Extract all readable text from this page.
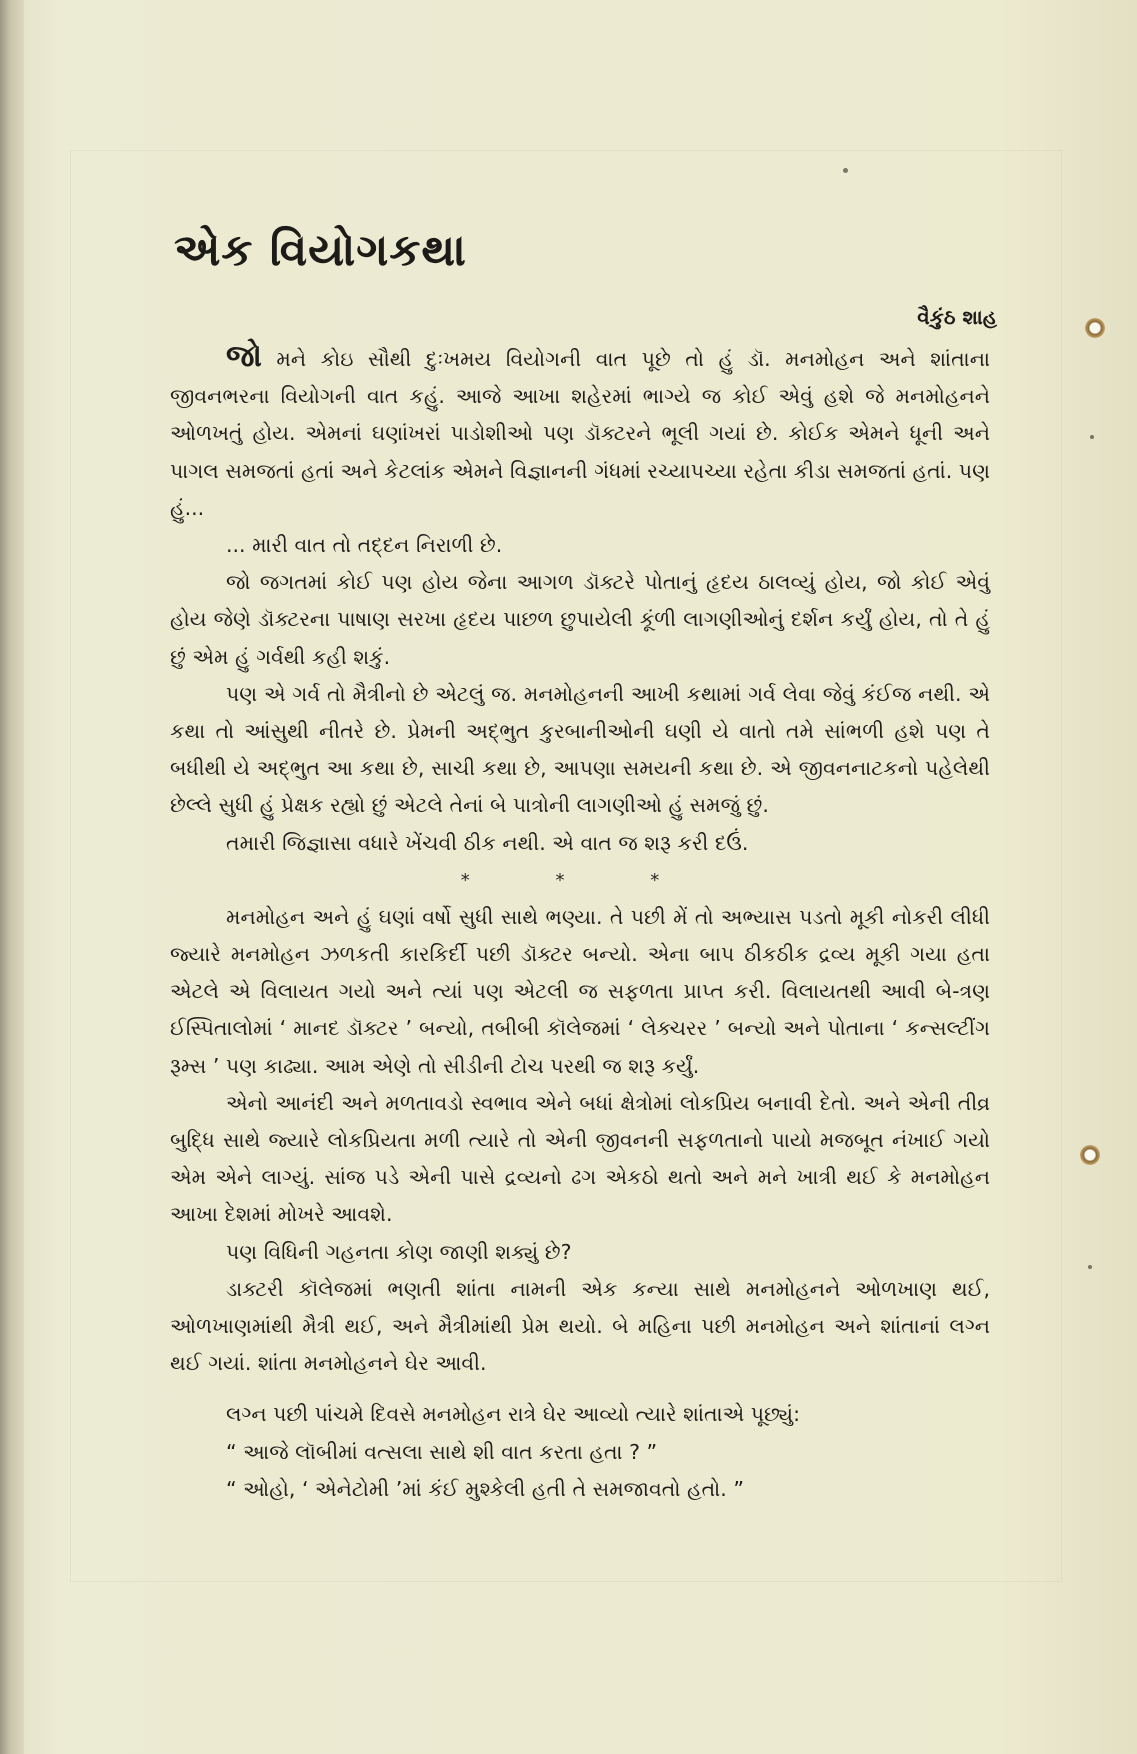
એક વિયોગકથા
વૈકુંઠ શાહ

જો મને કોઇ સૌથી દુઃખમય વિયોગની વાત પૂછે તો હું ડૉ. મનમોહન અને શાંતાના જીવનભરના વિયોગની વાત કહું. આજે આખા શહેરમાં ભાગ્યે જ કોઈ એવું હશે જે મનમોહનને ઓળખતું હોય. એમનાં ઘણાંખરાં પાડોશીઓ પણ ડૉક્ટરને ભૂલી ગયાં છે. કોઈક એમને ધૂની અને પાગલ સમજતાં હતાં અને કેટલાંક એમને વિજ્ઞાનની ગંધમાં રચ્યાપચ્યા રહેતા કીડા સમજતાં હતાં. પણ હું...

... મારી વાત તો તદ્દન નિરાળી છે.

જો જગતમાં કોઈ પણ હોય જેના આગળ ડૉક્ટરે પોતાનું હૃદય ઠાલવ્યું હોય, જો કોઈ એવું હોય જેણે ડૉક્ટરના પાષાણ સરખા હૃદય પાછળ છુપાયેલી કૂંળી લાગણીઓનું દર્શન કર્યું હોય, તો તે હું છું એમ હું ગર્વથી કહી શકું.

પણ એ ગર્વ તો મૈત્રીનો છે એટલું જ. મનમોહનની આખી કથામાં ગર્વ લેવા જેવું કંઈજ નથી. એ કથા તો આંસુથી નીતરે છે. પ્રેમની અદ્ભુત કુરબાનીઓની ઘણી યે વાતો તમે સાંભળી હશે પણ તે બધીથી યે અદ્ભુત આ કથા છે, સાચી કથા છે, આપણા સમયની કથા છે. એ જીવનનાટકનો પહેલેથી છેલ્લે સુધી હું પ્રેક્ષક રહ્યો છું એટલે તેનાં બે પાત્રોની લાગણીઓ હું સમજું છું.

તમારી જિજ્ઞાસા વધારે ખેંચવી ઠીક નથી. એ વાત જ શરૂ કરી દઉં.

* * *

મનમોહન અને હું ઘણાં વર્ષો સુધી સાથે ભણ્યા. તે પછી મેં તો અભ્યાસ પડતો મૂકી નોકરી લીધી જ્યારે મનમોહન ઝળકતી કારકિર્દી પછી ડૉક્ટર બન્યો. એના બાપ ઠીકઠીક દ્રવ્ય મૂકી ગયા હતા એટલે એ વિલાયત ગયો અને ત્યાં પણ એટલી જ સફળતા પ્રાપ્ત કરી. વિલાયતથી આવી બે-ત્રણ ઈસ્પિતાલોમાં ‘ માનદ ડૉક્ટર ’ બન્યો, તબીબી કૉલેજમાં ‘ લેક્ચરર ’ બન્યો અને પોતાના ‘ કન્સલ્ટીંગ રૂમ્સ ’ પણ કાઢ્યા. આમ એણે તો સીડીની ટોચ પરથી જ શરૂ કર્યું.

એનો આનંદી અને મળતાવડો સ્વભાવ એને બધાં ક્ષેત્રોમાં લોકપ્રિય બનાવી દેતો. અને એની તીવ્ર બુદ્ધિ સાથે જ્યારે લોકપ્રિયતા મળી ત્યારે તો એની જીવનની સફળતાનો પાયો મજબૂત નંખાઈ ગયો એમ એને લાગ્યું. સાંજ પડે એની પાસે દ્રવ્યનો ઢગ એકઠો થતો અને મને ખાત્રી થઈ કે મનમોહન આખા દેશમાં મોખરે આવશે.

પણ વિધિની ગહનતા કોણ જાણી શક્યું છે?

ડાક્ટરી કૉલેજમાં ભણતી શાંતા નામની એક કન્યા સાથે મનમોહનને ઓળખાણ થઈ, ઓળખાણમાંથી મૈત્રી થઈ, અને મૈત્રીમાંથી પ્રેમ થયો. બે મહિના પછી મનમોહન અને શાંતાનાં લગ્ન થઈ ગયાં. શાંતા મનમોહનને ઘેર આવી.

લગ્ન પછી પાંચમે દિવસે મનમોહન રાત્રે ઘેર આવ્યો ત્યારે શાંતાએ પૂછ્યું:

“ આજે લૉબીમાં વત્સલા સાથે શી વાત કરતા હતા ? ”

“ ઓહો, ‘ એનેટોમી ’માં કંઈ મુશ્કેલી હતી તે સમજાવતો હતો. ”
